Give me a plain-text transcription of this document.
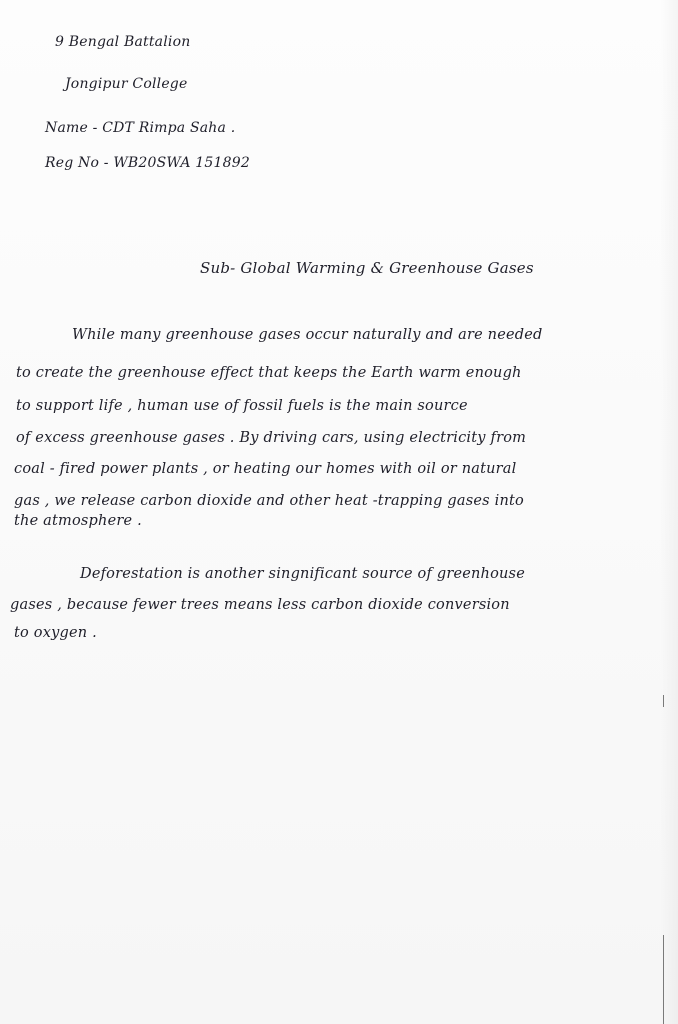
9 Bengal Battalion
Jongipur College
Name - CDT Rimpa Saha .
Reg No - WB20SWA 151892
Sub- Global Warming & Greenhouse Gases
While many greenhouse gases occur naturally and are needed
to create the greenhouse effect that keeps the Earth warm enough
to support life , human use of fossil fuels is the main source
of excess greenhouse gases . By driving cars, using electricity from
coal - fired power plants , or heating our homes with oil or natural
gas , we release carbon dioxide and other heat -trapping gases into
the atmosphere .
Deforestation is another singnificant source of greenhouse
gases , because fewer trees means less carbon dioxide conversion
to oxygen .
